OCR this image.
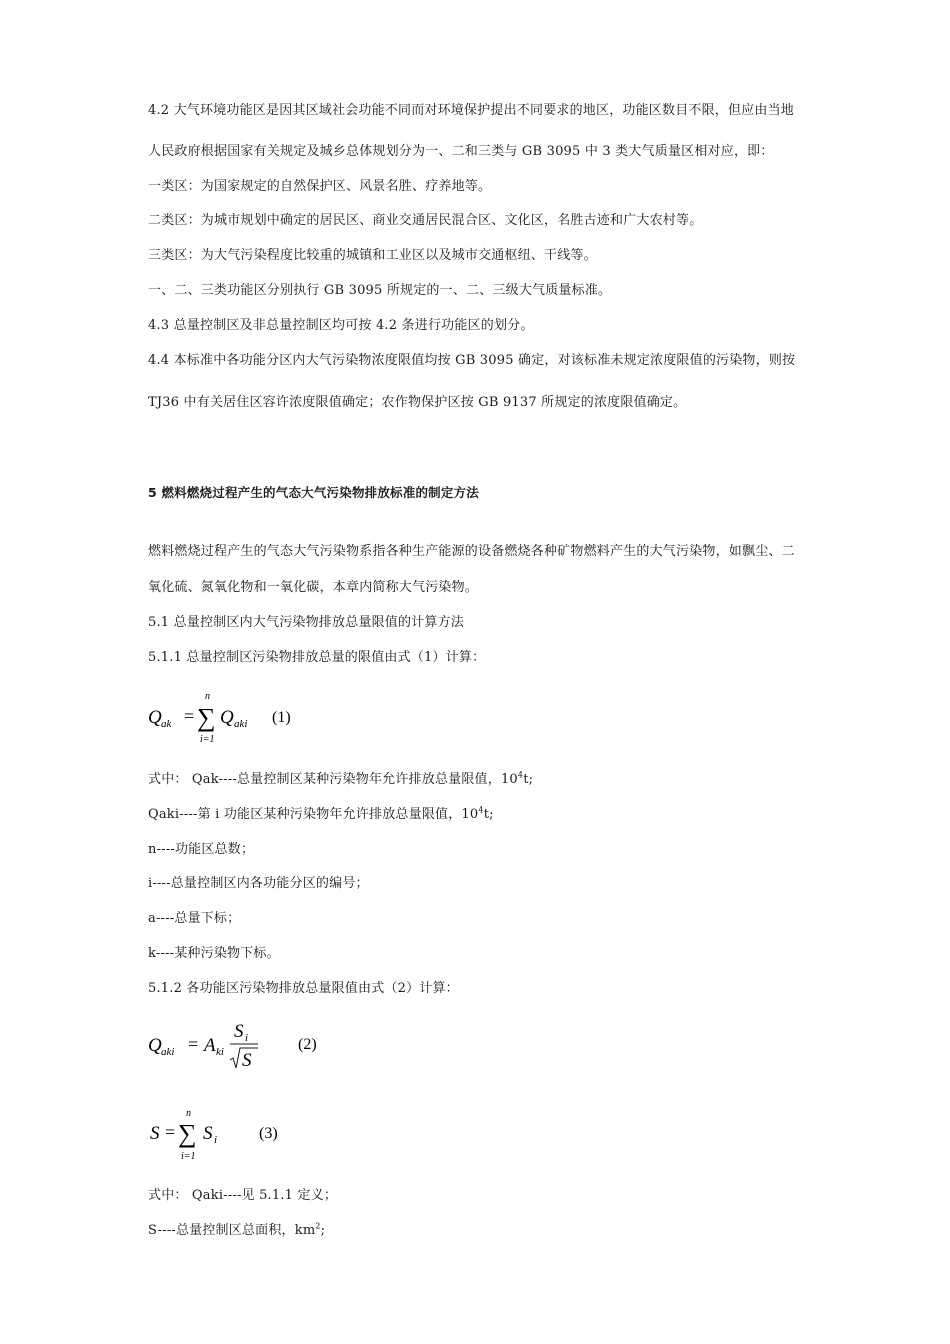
4.2 大气环境功能区是因其区域社会功能不同而对环境保护提出不同要求的地区，功能区数目不限，但应由当地
人民政府根据国家有关规定及城乡总体规划分为一、二和三类与 GB 3095 中 3 类大气质量区相对应，即：
一类区：为国家规定的自然保护区、风景名胜、疗养地等。
二类区：为城市规划中确定的居民区、商业交通居民混合区、文化区，名胜古迹和广大农村等。
三类区：为大气污染程度比较重的城镇和工业区以及城市交通枢纽、干线等。
一、二、三类功能区分别执行 GB 3095 所规定的一、二、三级大气质量标准。
4.3 总量控制区及非总量控制区均可按 4.2 条进行功能区的划分。
4.4 本标准中各功能分区内大气污染物浓度限值均按 GB 3095 确定，对该标准未规定浓度限值的污染物，则按
TJ36 中有关居住区容许浓度限值确定；农作物保护区按 GB 9137 所规定的浓度限值确定。
5 燃料燃烧过程产生的气态大气污染物排放标准的制定方法
燃料燃烧过程产生的气态大气污染物系指各种生产能源的设备燃烧各种矿物燃料产生的大气污染物，如飘尘、二
氧化硫、氮氧化物和一氧化碳，本章内简称大气污染物。
5.1 总量控制区内大气污染物排放总量限值的计算方法
5.1.1 总量控制区污染物排放总量的限值由式（1）计算：
Q ak =
n
∑
i=1
Q aki (1)
式中： Qak----总量控制区某种污染物年允许排放总量限值，$10^4t$;
Qaki----第 i 功能区某种污染物年允许排放总量限值，$10^4t$;
n----功能区总数；
i----总量控制区内各功能分区的编号；
a----总量下标；
k----某种污染物下标。
5.1.2 各功能区污染物排放总量限值由式（2）计算：
Q aki = A ki
S i
S
(2)
S =
n
∑
i=1
S i	(3)
式中： Qaki----见 5.1.1 定义；
S----总量控制区总面积，$km^2$;
